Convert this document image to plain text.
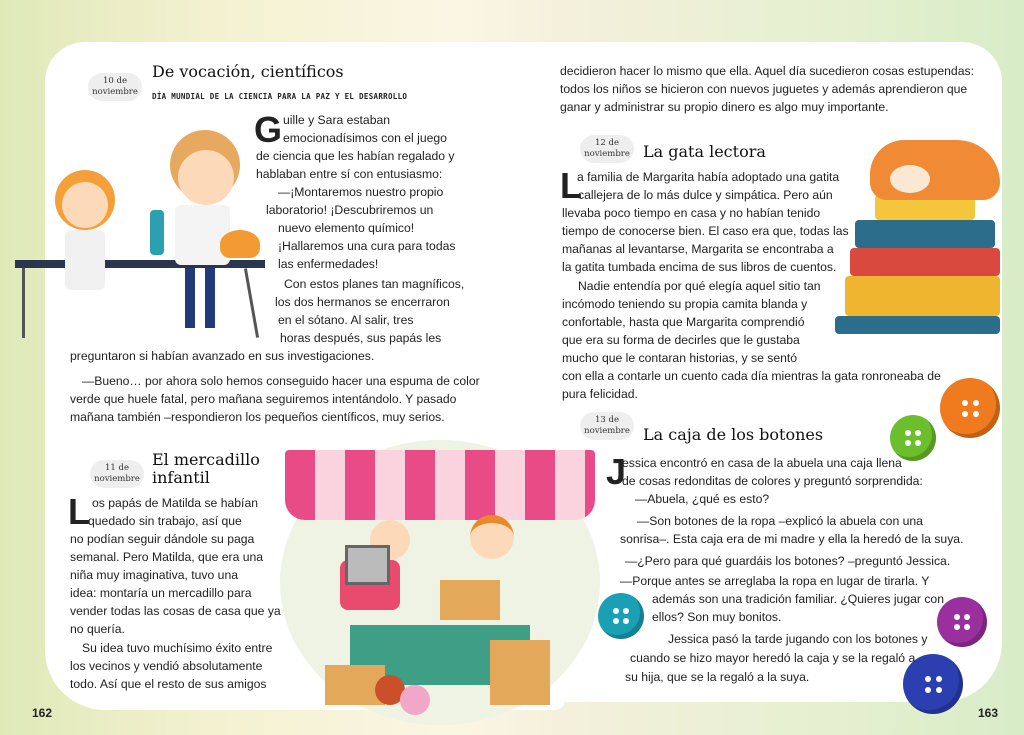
10 de
noviembre
De vocación, científicos
DÍA MUNDIAL DE LA CIENCIA PARA LA PAZ Y EL DESARROLLO
G
11 de
noviembre
El mercadillo
infantil
L
12 de
noviembre La gata lectora
L
13 de
noviembre La caja de los botones
J
162	163
uille y Sara estaban
emocionadísimos con el juego
de ciencia que les habían regalado y
hablaban entre sí con entusiasmo:
—¡Montaremos nuestro propio
laboratorio! ¡Descubriremos un
nuevo elemento químico!
¡Hallaremos una cura para todas
las enfermedades!
Con estos planes tan magníficos,
los dos hermanos se encerraron
en el sótano. Al salir, tres
horas después, sus papás les
preguntaron si habían avanzado en sus investigaciones.
—Bueno… por ahora solo hemos conseguido hacer una espuma de color
verde que huele fatal, pero mañana seguiremos intentándolo. Y pasado
mañana también –respondieron los pequeños científicos, muy serios.
os papás de Matilda se habían
quedado sin trabajo, así que
no podían seguir dándole su paga
semanal. Pero Matilda, que era una
niña muy imaginativa, tuvo una
idea: montaría un mercadillo para
vender todas las cosas de casa que ya
no quería.
Su idea tuvo muchísimo éxito entre
los vecinos y vendió absolutamente
todo. Así que el resto de sus amigos
decidieron hacer lo mismo que ella. Aquel día sucedieron cosas estupendas:
todos los niños se hicieron con nuevos juguetes y además aprendieron que
ganar y administrar su propio dinero es algo muy importante.
a familia de Margarita había adoptado una gatita
callejera de lo más dulce y simpática. Pero aún
llevaba poco tiempo en casa y no habían tenido
tiempo de conocerse bien. El caso era que, todas las
mañanas al levantarse, Margarita se encontraba a
la gatita tumbada encima de sus libros de cuentos.
Nadie entendía por qué elegía aquel sitio tan
incómodo teniendo su propia camita blanda y
confortable, hasta que Margarita comprendió
que era su forma de decirles que le gustaba
mucho que le contaran historias, y se sentó
con ella a contarle un cuento cada día mientras la gata ronroneaba de
pura felicidad.
essica encontró en casa de la abuela una caja llena
de cosas redonditas de colores y preguntó sorprendida:
—Abuela, ¿qué es esto?
—Son botones de la ropa –explicó la abuela con una
sonrisa–. Esta caja era de mi madre y ella la heredó de la suya.
—¿Pero para qué guardáis los botones? –preguntó Jessica.
—Porque antes se arreglaba la ropa en lugar de tirarla. Y
además son una tradición familiar. ¿Quieres jugar con
ellos? Son muy bonitos.
Jessica pasó la tarde jugando con los botones y
cuando se hizo mayor heredó la caja y se la regaló a
su hija, que se la regaló a la suya.
